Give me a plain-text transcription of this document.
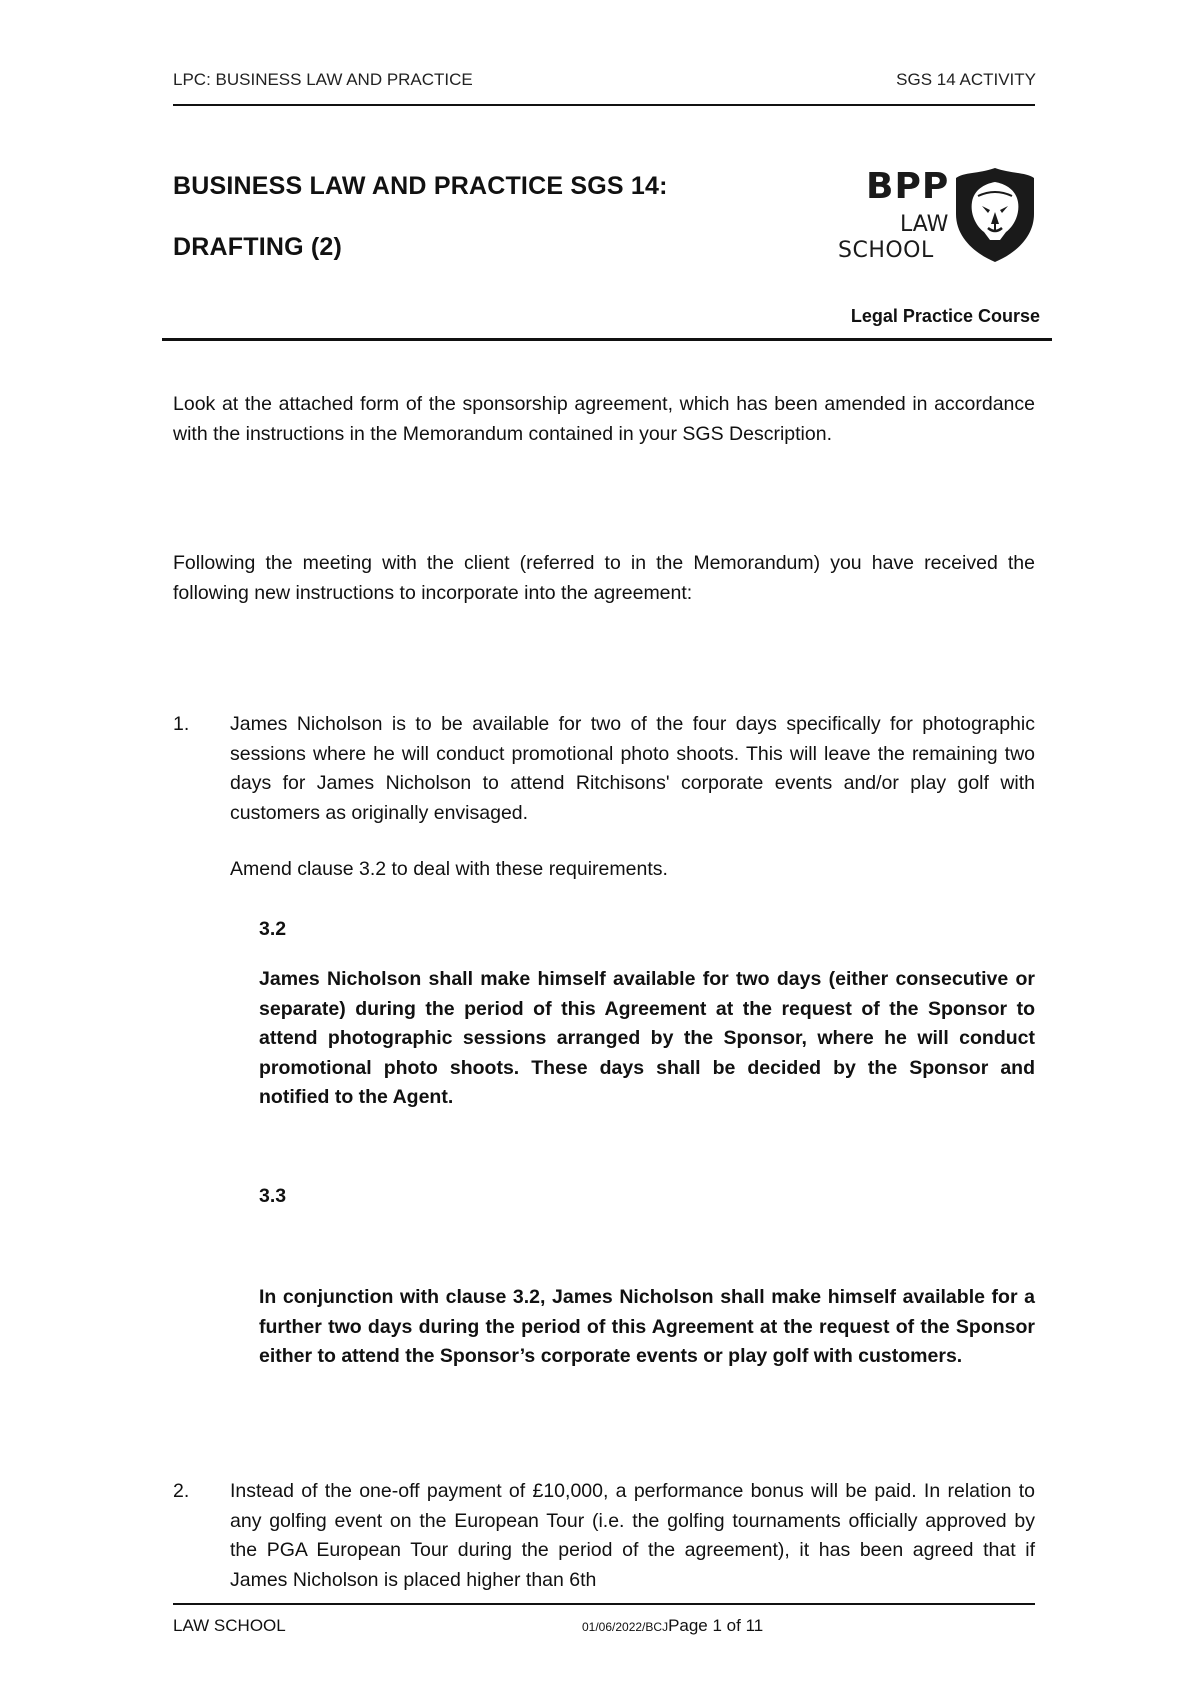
LPC: BUSINESS LAW AND PRACTICE	SGS 14 ACTIVITY
BUSINESS LAW AND PRACTICE SGS 14:
DRAFTING (2)
BPP
LAW
SCHOOL
Legal Practice Course
Look at the attached form of the sponsorship agreement, which has been amended in accordance with the instructions in the Memorandum contained in your SGS Description.
Following the meeting with the client (referred to in the Memorandum) you have received the following new instructions to incorporate into the agreement:
1. James Nicholson is to be available for two of the four days specifically for photographic sessions where he will conduct promotional photo shoots. This will leave the remaining two days for James Nicholson to attend Ritchisons' corporate events and/or play golf with customers as originally envisaged.
Amend clause 3.2 to deal with these requirements.
3.2
James Nicholson shall make himself available for two days (either consecutive or separate) during the period of this Agreement at the request of the Sponsor to attend photographic sessions arranged by the Sponsor, where he will conduct promotional photo shoots. These days shall be decided by the Sponsor and notified to the Agent.
3.3
In conjunction with clause 3.2, James Nicholson shall make himself available for a further two days during the period of this Agreement at the request of the Sponsor either to attend the Sponsor’s corporate events or play golf with customers.
2. Instead of the one-off payment of £10,000, a performance bonus will be paid. In relation to any golfing event on the European Tour (i.e. the golfing tournaments officially approved by the PGA European Tour during the period of the agreement), it has been agreed that if James Nicholson is placed higher than 6th
LAW SCHOOL	01/06/2022/BCJPage 1 of 11
